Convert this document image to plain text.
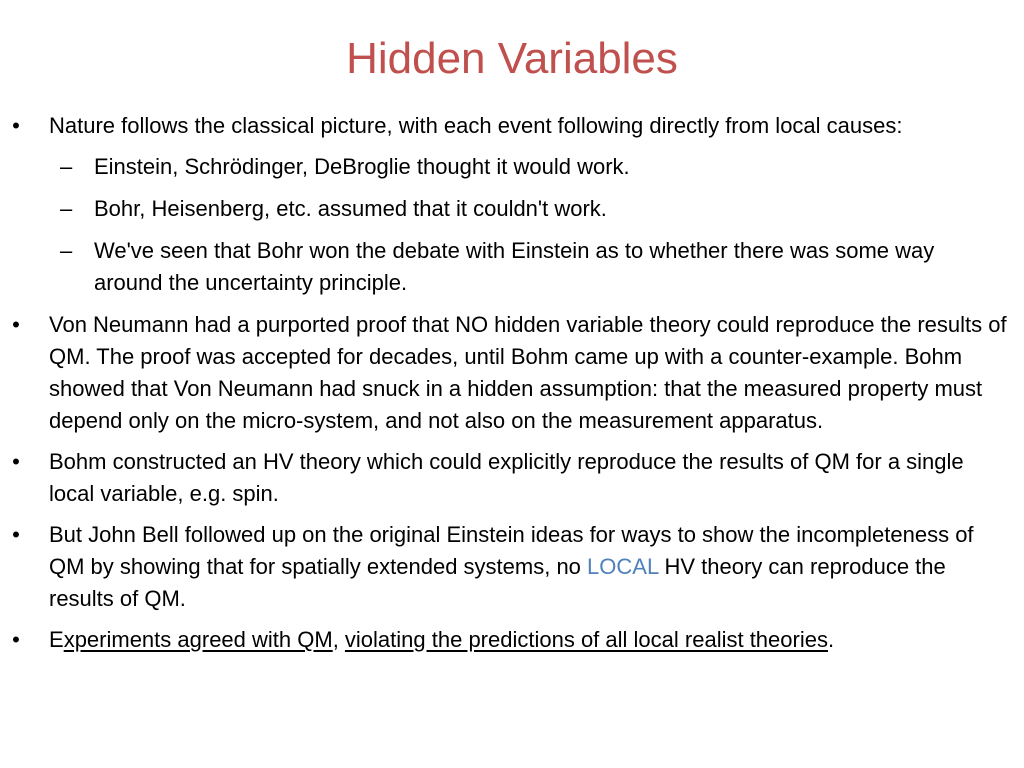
Hidden Variables
• Nature follows the classical picture, with each event following directly from local causes:
– Einstein, Schrödinger, DeBroglie thought it would work.
– Bohr, Heisenberg, etc. assumed that it couldn't work.
– We've seen that Bohr won the debate with Einstein as to whether there was some way around the uncertainty principle.
• Von Neumann had a purported proof that NO hidden variable theory could reproduce the results of QM. The proof was accepted for decades, until Bohm came up with a counter-example. Bohm showed that Von Neumann had snuck in a hidden assumption: that the measured property must depend only on the micro-system, and not also on the measurement apparatus.
• Bohm constructed an HV theory which could explicitly reproduce the results of QM for a single local variable, e.g. spin.
• But John Bell followed up on the original Einstein ideas for ways to show the incompleteness of QM by showing that for spatially extended systems, no LOCAL HV theory can reproduce the results of QM.
• Experiments agreed with QM, violating the predictions of all local realist theories.
